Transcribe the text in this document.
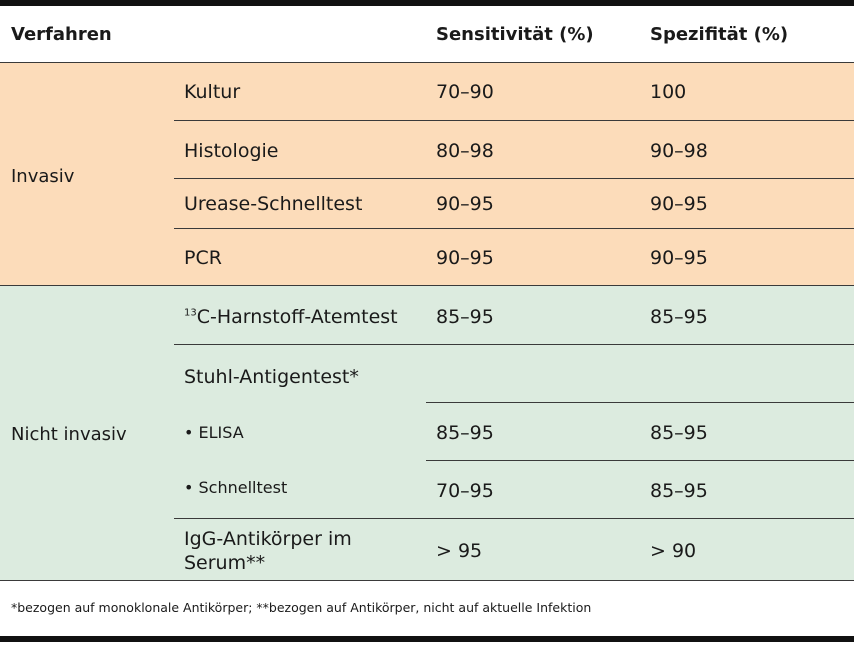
Verfahren	Sensitivität (%)	Spezifität (%)
Invasiv
Kultur	70–90	100
Histologie	80–98	90–98
Urease-Schnelltest	90–95	90–95
PCR	90–95	90–95
Nicht invasiv
$^{13}$C-Harnstoff-Atemtest 85–95	85–95
Stuhl-Antigentest*
• ELISA	85–95	85–95
• Schnelltest	70–95	85–95
IgG-Antikörper im
Serum**
> 95	> 90
*bezogen auf monoklonale Antikörper; **bezogen auf Antikörper, nicht auf aktuelle Infektion
